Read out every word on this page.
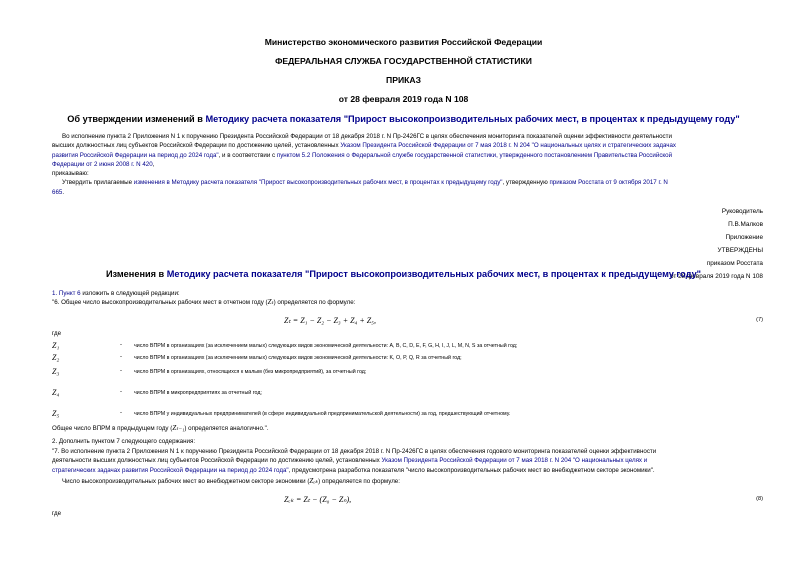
Министерство экономического развития Российской Федерации
ФЕДЕРАЛЬНАЯ СЛУЖБА ГОСУДАРСТВЕННОЙ СТАТИСТИКИ
ПРИКАЗ
от 28 февраля 2019 года N 108
Об утверждении изменений в Методику расчета показателя "Прирост высокопроизводительных рабочих мест, в процентах к предыдущему году"
Во исполнение пункта 2 Приложения N 1 к поручению Президента Российской Федерации от 18 декабря 2018 г. N Пр-2426ГС в целях обеспечения мониторинга показателей оценки эффективности деятельности
высших должностных лиц субъектов Российской Федерации по достижению целей, установленных Указом Президента Российской Федерации от 7 мая 2018 г. N 204 "О национальных целях и стратегических задачах
развития Российской Федерации на период до 2024 года", и в соответствии с пунктом 5.2 Положения о Федеральной службе государственной статистики, утвержденного постановлением Правительства Российской
Федерации от 2 июня 2008 г. N 420,
приказываю:
Утвердить прилагаемые изменения в Методику расчета показателя "Прирост высокопроизводительных рабочих мест, в процентах к предыдущему году", утвержденную приказом Росстата от 9 октября 2017 г. N
665.
Руководитель
П.В.Малков
Приложение
УТВЕРЖДЕНЫ
приказом Росстата
от 28 февраля 2019 года N 108
Изменения в Методику расчета показателя "Прирост высокопроизводительных рабочих мест, в процентах к предыдущему году"
1. Пункт 6 изложить в следующей редакции:
"6. Общее число высокопроизводительных рабочих мест в отчетном году (Zₜ) определяется по формуле:
Zₜ = Z₁ − Z₂ − Z₃ + Z₄ + Z₅,	(7)
где
Z₁	- число ВПРМ в организациях (за исключением малых) следующих видов экономической деятельности: A, B, C, D, E, F, G, H, I, J, L, M, N, S за отчетный год;
Z₂	- число ВПРМ в организациях (за исключением малых) следующих видов экономической деятельности: K, O, P, Q, R за отчетный год;
Z₃	- число ВПРМ в организациях, относящихся к малым (без микропредприятий), за отчетный год;
Z₄	- число ВПРМ в микропредприятиях за отчетный год;
Z₅	- число ВПРМ у индивидуальных предпринимателей (в сфере индивидуальной предпринимательской деятельности) за год, предшествующий отчетному.
Общее число ВПРМ в предыдущем году (Zₜ₋₁) определяется аналогично.".
2. Дополнить пунктом 7 следующего содержания:
"7. Во исполнение пункта 2 Приложения N 1 к поручению Президента Российской Федерации от 18 декабря 2018 г. N Пр-2426ГС в целях обеспечения годового мониторинга показателей оценки эффективности
деятельности высших должностных лиц субъектов Российской Федерации по достижению целей, установленных Указом Президента Российской Федерации от 7 мая 2018 г. N 204 "О национальных целях и
стратегических задачах развития Российской Федерации на период до 2024 года", предусмотрена разработка показателя "число высокопроизводительных рабочих мест во внебюджетном секторе экономики".
Число высокопроизводительных рабочих мест во внебюджетном секторе экономики (Zₑₖ) определяется по формуле:
Zₑₖ = Zₜ − (Z₀ − Zₙ),	(8)
где
